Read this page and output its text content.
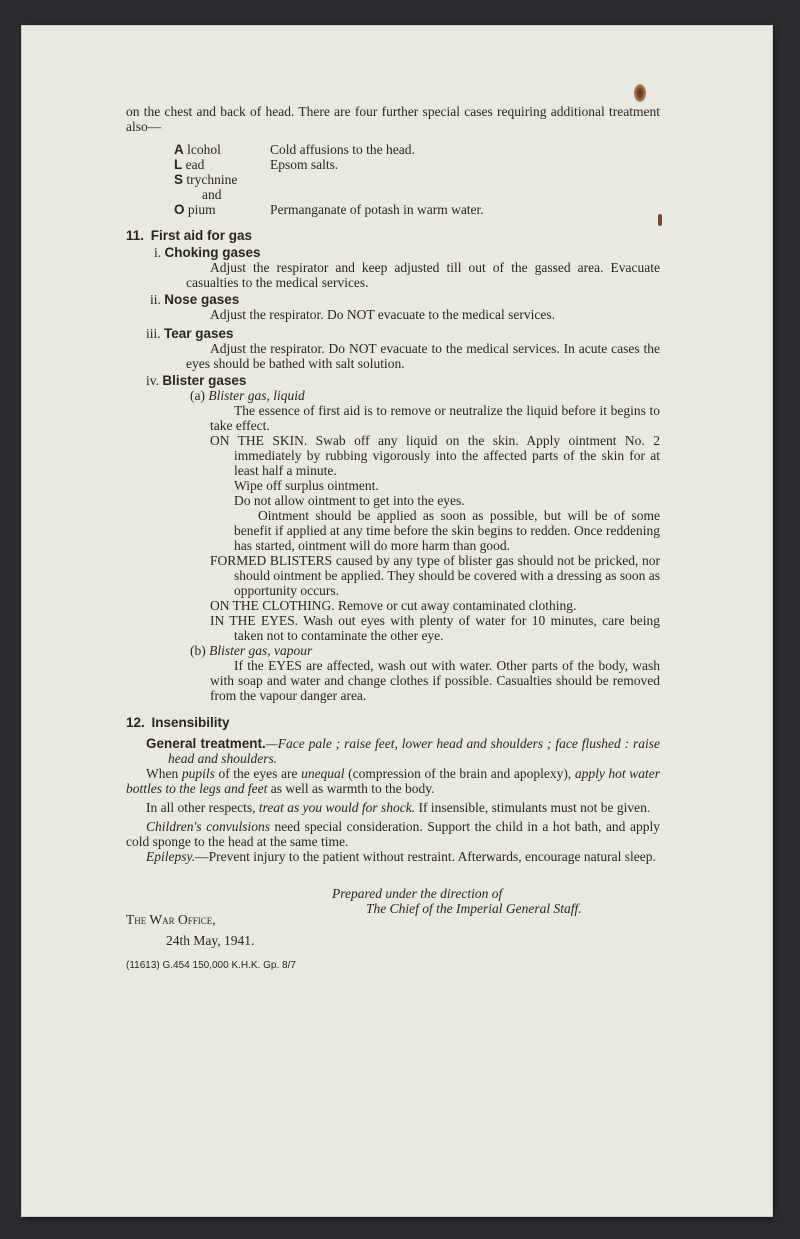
on the chest and back of head. There are four further special cases requiring additional treatment also—
A lcohol	Cold affusions to the head.
L ead	Epsom salts.
S trychnine	
and	
O pium	Permanganate of potash in warm water.
11. First aid for gas
i. Choking gases
Adjust the respirator and keep adjusted till out of the gassed area. Evacuate casualties to the medical services.
ii. Nose gases
Adjust the respirator. Do NOT evacuate to the medical services.
iii. Tear gases
Adjust the respirator. Do NOT evacuate to the medical services. In acute cases the eyes should be bathed with salt solution.
iv. Blister gases
(a) Blister gas, liquid
The essence of first aid is to remove or neutralize the liquid before it begins to take effect.
ON THE SKIN. Swab off any liquid on the skin. Apply ointment No. 2 immediately by rubbing vigorously into the affected parts of the skin for at least half a minute.
Wipe off surplus ointment.
Do not allow ointment to get into the eyes.
Ointment should be applied as soon as possible, but will be of some benefit if applied at any time before the skin begins to redden. Once reddening has started, ointment will do more harm than good.
FORMED BLISTERS caused by any type of blister gas should not be pricked, nor should ointment be applied. They should be covered with a dressing as soon as opportunity occurs.
ON THE CLOTHING. Remove or cut away contaminated clothing.
IN THE EYES. Wash out eyes with plenty of water for 10 minutes, care being taken not to contaminate the other eye.
(b) Blister gas, vapour
If the EYES are affected, wash out with water. Other parts of the body, wash with soap and water and change clothes if possible. Casualties should be removed from the vapour danger area.
12. Insensibility
General treatment.—Face pale ; raise feet, lower head and shoulders ; face flushed : raise head and shoulders.
When pupils of the eyes are unequal (compression of the brain and apoplexy), apply hot water bottles to the legs and feet as well as warmth to the body.
In all other respects, treat as you would for shock. If insensible, stimulants must not be given.
Children's convulsions need special consideration. Support the child in a hot bath, and apply cold sponge to the head at the same time.
Epilepsy.—Prevent injury to the patient without restraint. Afterwards, encourage natural sleep.
Prepared under the direction of
The Chief of the Imperial General Staff.
The War Office,
24th May, 1941.
(11613) G.454 150,000 K.H.K. Gp. 8/7
